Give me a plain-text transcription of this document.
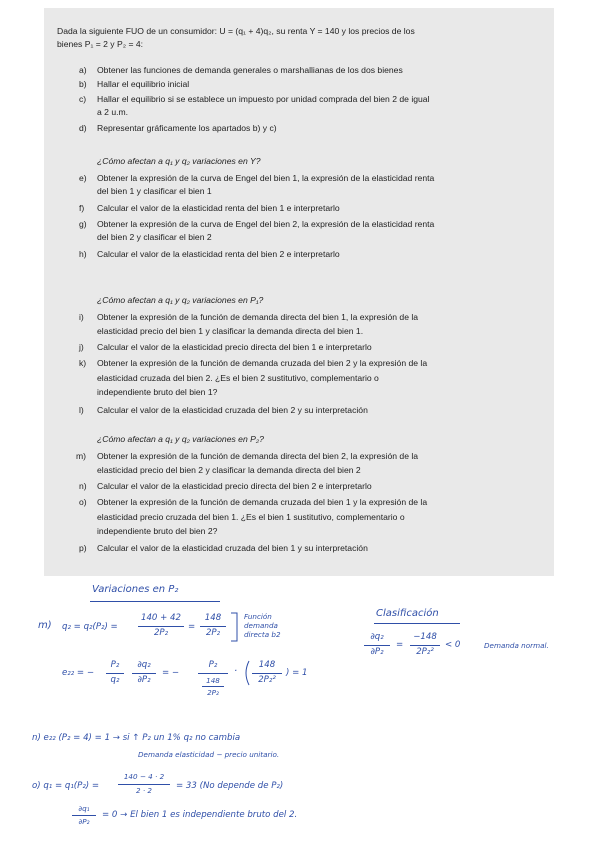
Dada la siguiente FUO de un consumidor: U = (q₁ + 4)q₂, su renta Y = 140 y los precios de los
bienes P₁ = 2 y P₂ = 4:
a) Obtener las funciones de demanda generales o marshallianas de los dos bienes
b) Hallar el equilibrio inicial
c) Hallar el equilibrio si se establece un impuesto por unidad comprada del bien 2 de igual
a 2 u.m.
d) Representar gráficamente los apartados b) y c)
¿Cómo afectan a q₁ y q₂ variaciones en Y?
e) Obtener la expresión de la curva de Engel del bien 1, la expresión de la elasticidad renta
del bien 1 y clasificar el bien 1
f) Calcular el valor de la elasticidad renta del bien 1 e interpretarlo
g) Obtener la expresión de la curva de Engel del bien 2, la expresión de la elasticidad renta
del bien 2 y clasificar el bien 2
h) Calcular el valor de la elasticidad renta del bien 2 e interpretarlo
¿Cómo afectan a q₁ y q₂ variaciones en P₁?
i) Obtener la expresión de la función de demanda directa del bien 1, la expresión de la
elasticidad precio del bien 1 y clasificar la demanda directa del bien 1.
j) Calcular el valor de la elasticidad precio directa del bien 1 e interpretarlo
k) Obtener la expresión de la función de demanda cruzada del bien 2 y la expresión de la
elasticidad cruzada del bien 2. ¿Es el bien 2 sustitutivo, complementario o
independiente bruto del bien 1?
l) Calcular el valor de la elasticidad cruzada del bien 2 y su interpretación
¿Cómo afectan a q₁ y q₂ variaciones en P₂?
m) Obtener la expresión de la función de demanda directa del bien 2, la expresión de la
elasticidad precio del bien 2 y clasificar la demanda directa del bien 2
n) Calcular el valor de la elasticidad precio directa del bien 2 e interpretarlo
o) Obtener la expresión de la función de demanda cruzada del bien 1 y la expresión de la
elasticidad precio cruzada del bien 1. ¿Es el bien 1 sustitutivo, complementario o
independiente bruto del bien 2?
p) Calcular el valor de la elasticidad cruzada del bien 1 y su interpretación
Variaciones en P₂
m) q₂ = q₂(P₂) =
140 + 42
2P₂
=
148
2P₂
Función
demanda
directa b2
Clasificación
∂q₂
∂P₂
=
−148
2P₂²
< 0	Demanda normal.
e₂₂ = −
P₂
q₂
∂q₂
∂P₂
= −
P₂
148
2P₂
·
148
2P₂²
) = 1
n) e₂₂ (P₂ = 4) = 1 → si ↑ P₂ un 1% q₂ no cambia
Demanda elasticidad − precio unitario.
o) q₁ = q₁(P₂) =
140 − 4 · 2
2 · 2	= 33 (No depende de P₂)
∂q₁
∂P₂
= 0 → El bien 1 es independiente bruto del 2.
